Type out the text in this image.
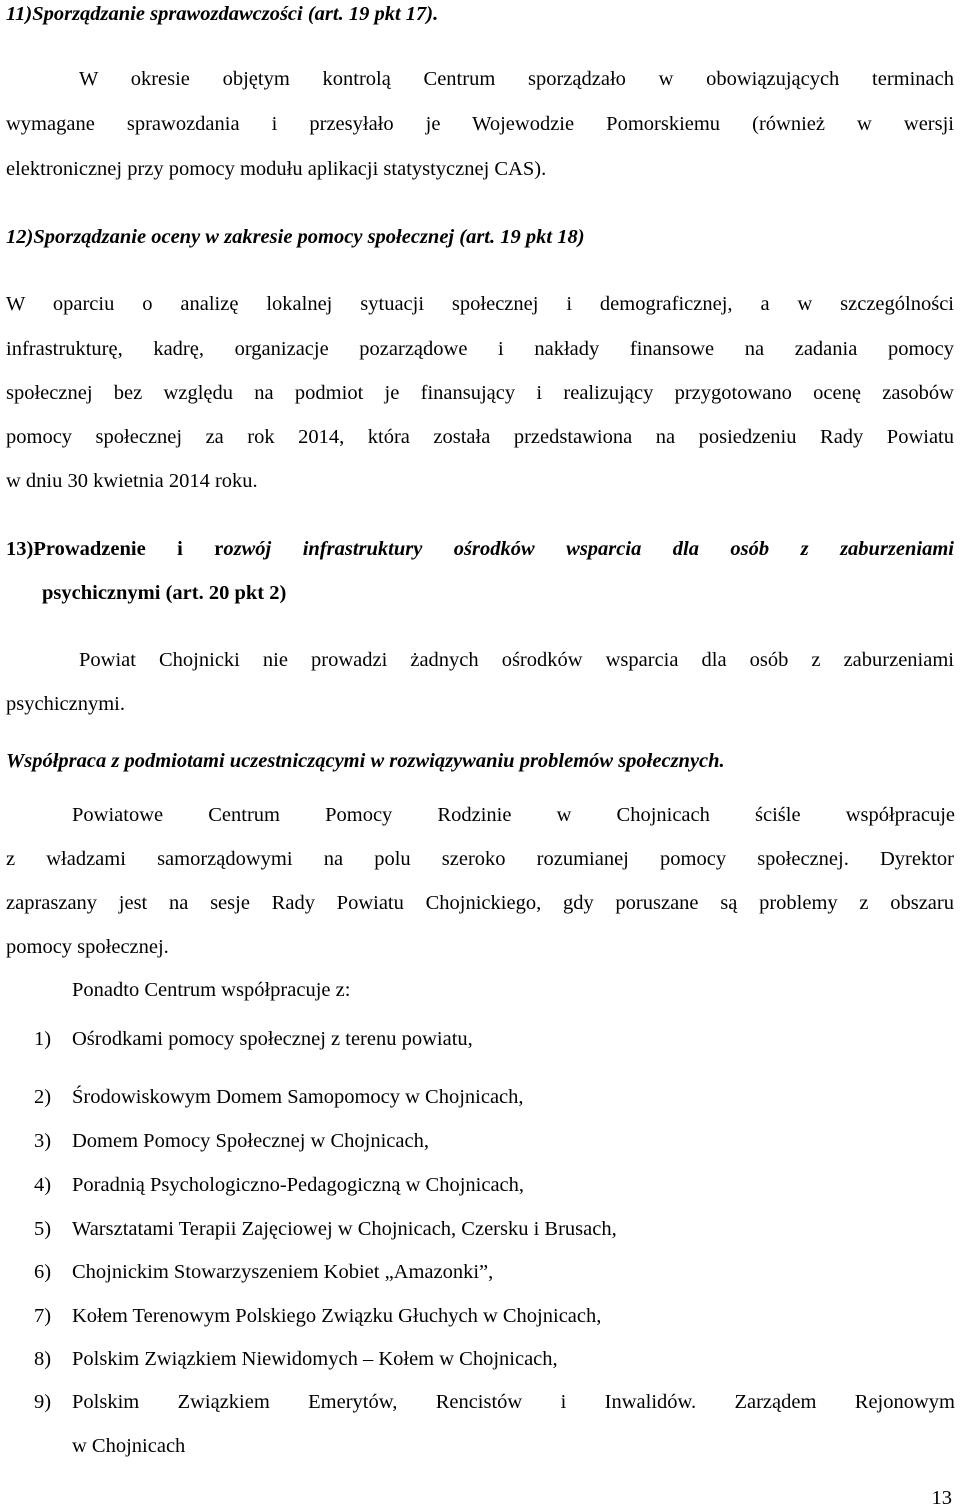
11)Sporządzanie sprawozdawczości (art. 19 pkt 17).
W okresie objętym kontrolą Centrum sporządzało w obowiązujących terminach
wymagane sprawozdania i przesyłało je Wojewodzie Pomorskiemu (również w wersji
elektronicznej przy pomocy modułu aplikacji statystycznej CAS).
12)Sporządzanie oceny w zakresie pomocy społecznej (art. 19 pkt 18)
W oparciu o analizę lokalnej sytuacji społecznej i demograficznej, a w szczególności
infrastrukturę, kadrę, organizacje pozarządowe i nakłady finansowe na zadania pomocy
społecznej bez względu na podmiot je finansujący i realizujący przygotowano ocenę zasobów
pomocy społecznej za rok 2014, która została przedstawiona na posiedzeniu Rady Powiatu
w dniu 30 kwietnia 2014 roku.
13)Prowadzenie i rozwój infrastruktury ośrodków wsparcia dla osób z zaburzeniami
psychicznymi (art. 20 pkt 2)
Powiat Chojnicki nie prowadzi żadnych ośrodków wsparcia dla osób z zaburzeniami
psychicznymi.
Współpraca z podmiotami uczestniczącymi w rozwiązywaniu problemów społecznych.
Powiatowe Centrum Pomocy Rodzinie w Chojnicach ściśle współpracuje
z władzami samorządowymi na polu szeroko rozumianej pomocy społecznej. Dyrektor
zapraszany jest na sesje Rady Powiatu Chojnickiego, gdy poruszane są problemy z obszaru
pomocy społecznej.
Ponadto Centrum współpracuje z:
1) Ośrodkami pomocy społecznej z terenu powiatu,
2) Środowiskowym Domem Samopomocy w Chojnicach,
3) Domem Pomocy Społecznej w Chojnicach,
4) Poradnią Psychologiczno-Pedagogiczną w Chojnicach,
5) Warsztatami Terapii Zajęciowej w Chojnicach, Czersku i Brusach,
6) Chojnickim Stowarzyszeniem Kobiet „Amazonki”,
7) Kołem Terenowym Polskiego Związku Głuchych w Chojnicach,
8) Polskim Związkiem Niewidomych – Kołem w Chojnicach,
9) Polskim Związkiem Emerytów, Rencistów i Inwalidów. Zarządem Rejonowym
w Chojnicach
13
